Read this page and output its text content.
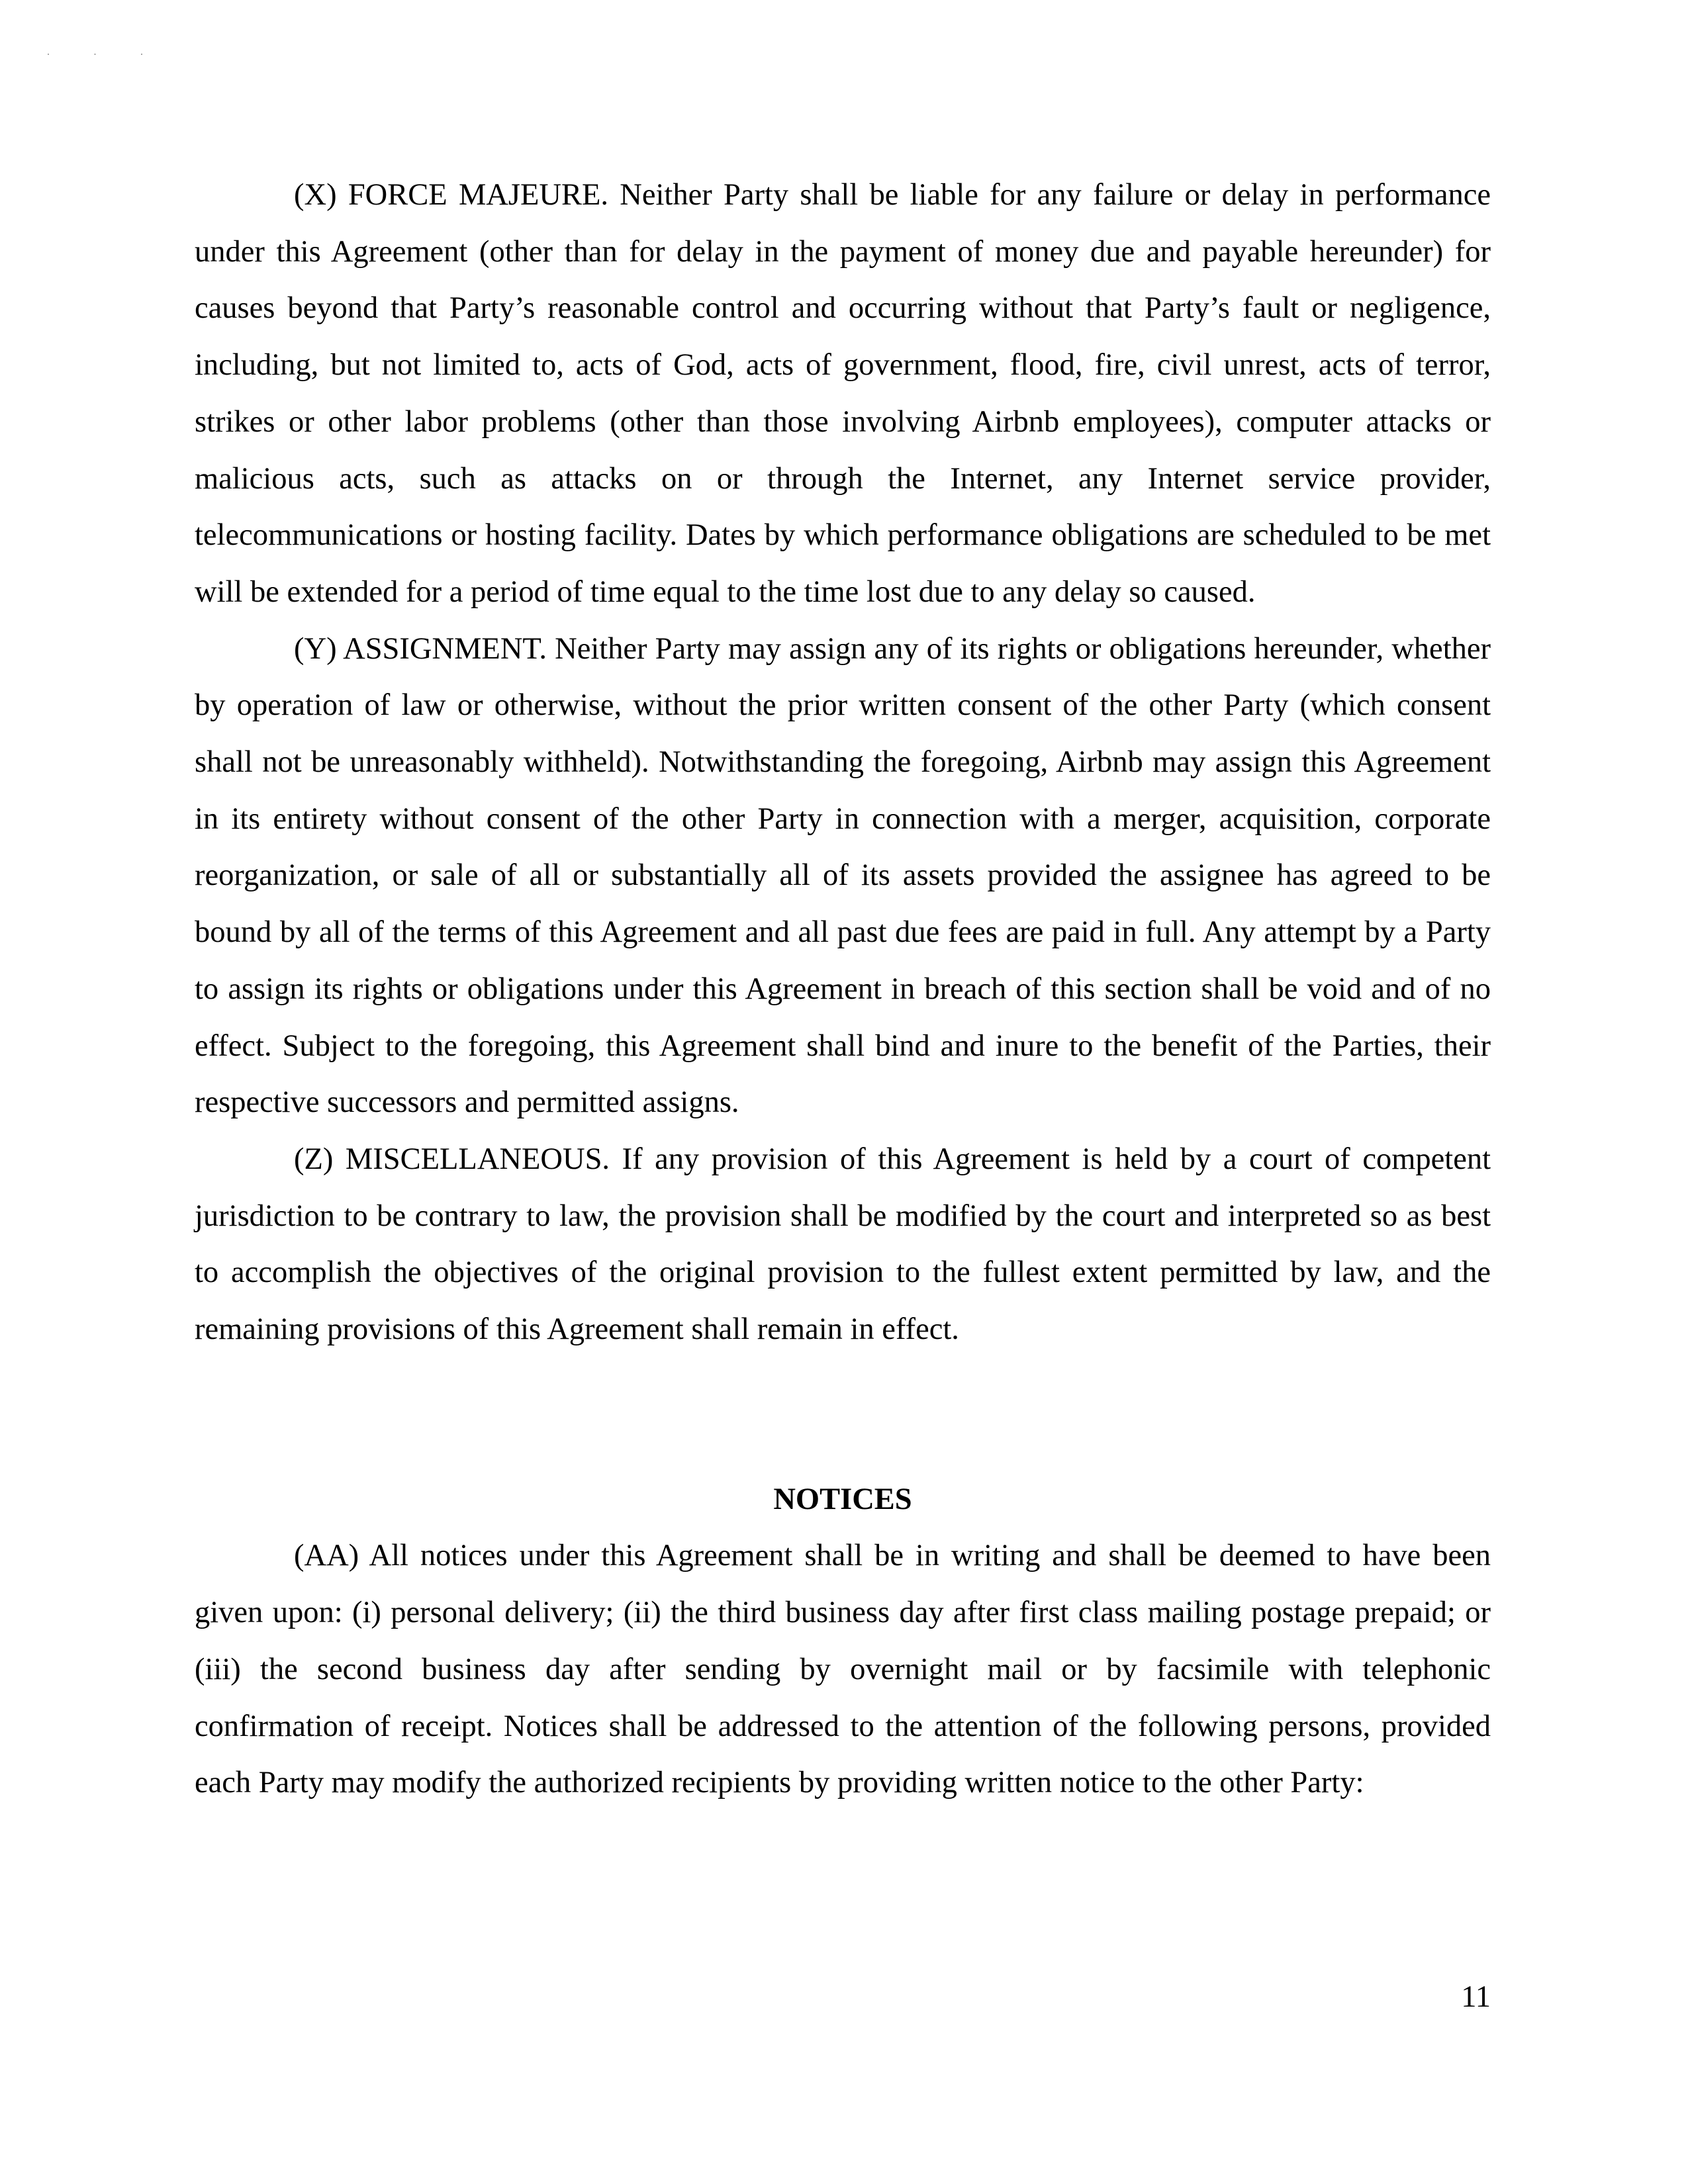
· · ·

(X) FORCE MAJEURE. Neither Party shall be liable for any failure or delay in performance under this Agreement (other than for delay in the payment of money due and payable hereunder) for causes beyond that Party’s reasonable control and occurring without that Party’s fault or negligence, including, but not limited to, acts of God, acts of government, flood, fire, civil unrest, acts of terror, strikes or other labor problems (other than those involving Airbnb employees), computer attacks or malicious acts, such as attacks on or through the Internet, any Internet service provider, telecommunications or hosting facility. Dates by which performance obligations are scheduled to be met will be extended for a period of time equal to the time lost due to any delay so caused.

(Y) ASSIGNMENT. Neither Party may assign any of its rights or obligations hereunder, whether by operation of law or otherwise, without the prior written consent of the other Party (which consent shall not be unreasonably withheld). Notwithstanding the foregoing, Airbnb may assign this Agreement in its entirety without consent of the other Party in connection with a merger, acquisition, corporate reorganization, or sale of all or substantially all of its assets provided the assignee has agreed to be bound by all of the terms of this Agreement and all past due fees are paid in full. Any attempt by a Party to assign its rights or obligations under this Agreement in breach of this section shall be void and of no effect. Subject to the foregoing, this Agreement shall bind and inure to the benefit of the Parties, their respective successors and permitted assigns.

(Z) MISCELLANEOUS. If any provision of this Agreement is held by a court of competent jurisdiction to be contrary to law, the provision shall be modified by the court and interpreted so as best to accomplish the objectives of the original provision to the fullest extent permitted by law, and the remaining provisions of this Agreement shall remain in effect.

NOTICES

(AA) All notices under this Agreement shall be in writing and shall be deemed to have been given upon: (i) personal delivery; (ii) the third business day after first class mailing postage prepaid; or (iii) the second business day after sending by overnight mail or by facsimile with telephonic confirmation of receipt. Notices shall be addressed to the attention of the following persons, provided each Party may modify the authorized recipients by providing written notice to the other Party:

11
